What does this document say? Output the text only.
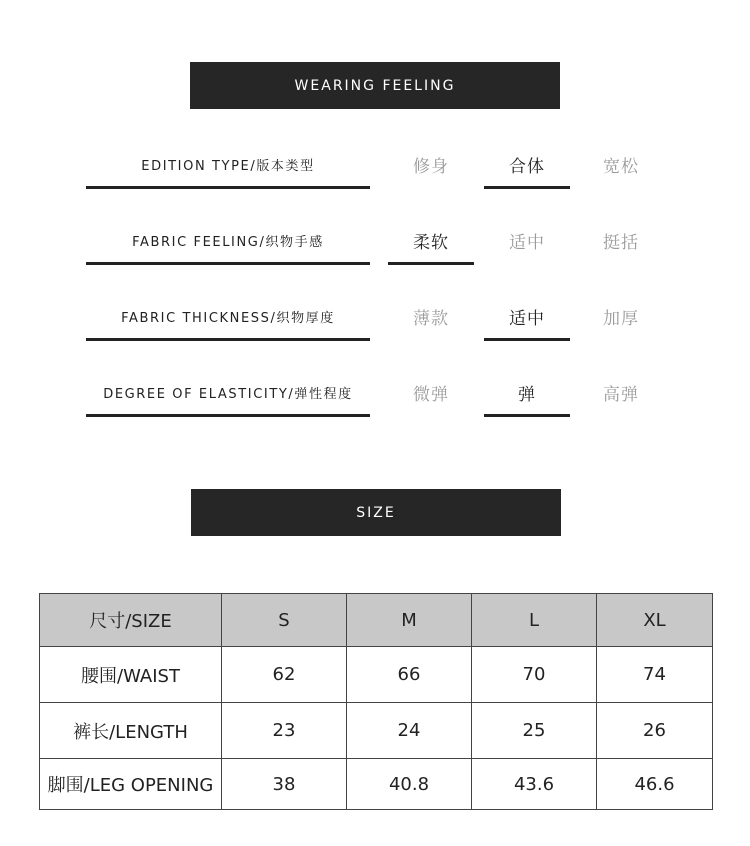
WEARING FEELING
EDITION TYPE/版本类型	修身	合体	宽松
FABRIC FEELING/织物手感	柔软	适中	挺括
FABRIC THICKNESS/织物厚度	薄款	适中	加厚
DEGREE OF ELASTICITY/弹性程度	微弹	弹	高弹
SIZE
尺寸/SIZE	S	M	L	XL
腰围/WAIST	62	66	70	74
裤长/LENGTH	23	24	25	26
脚围/LEG OPENING	38	40.8	43.6	46.6
